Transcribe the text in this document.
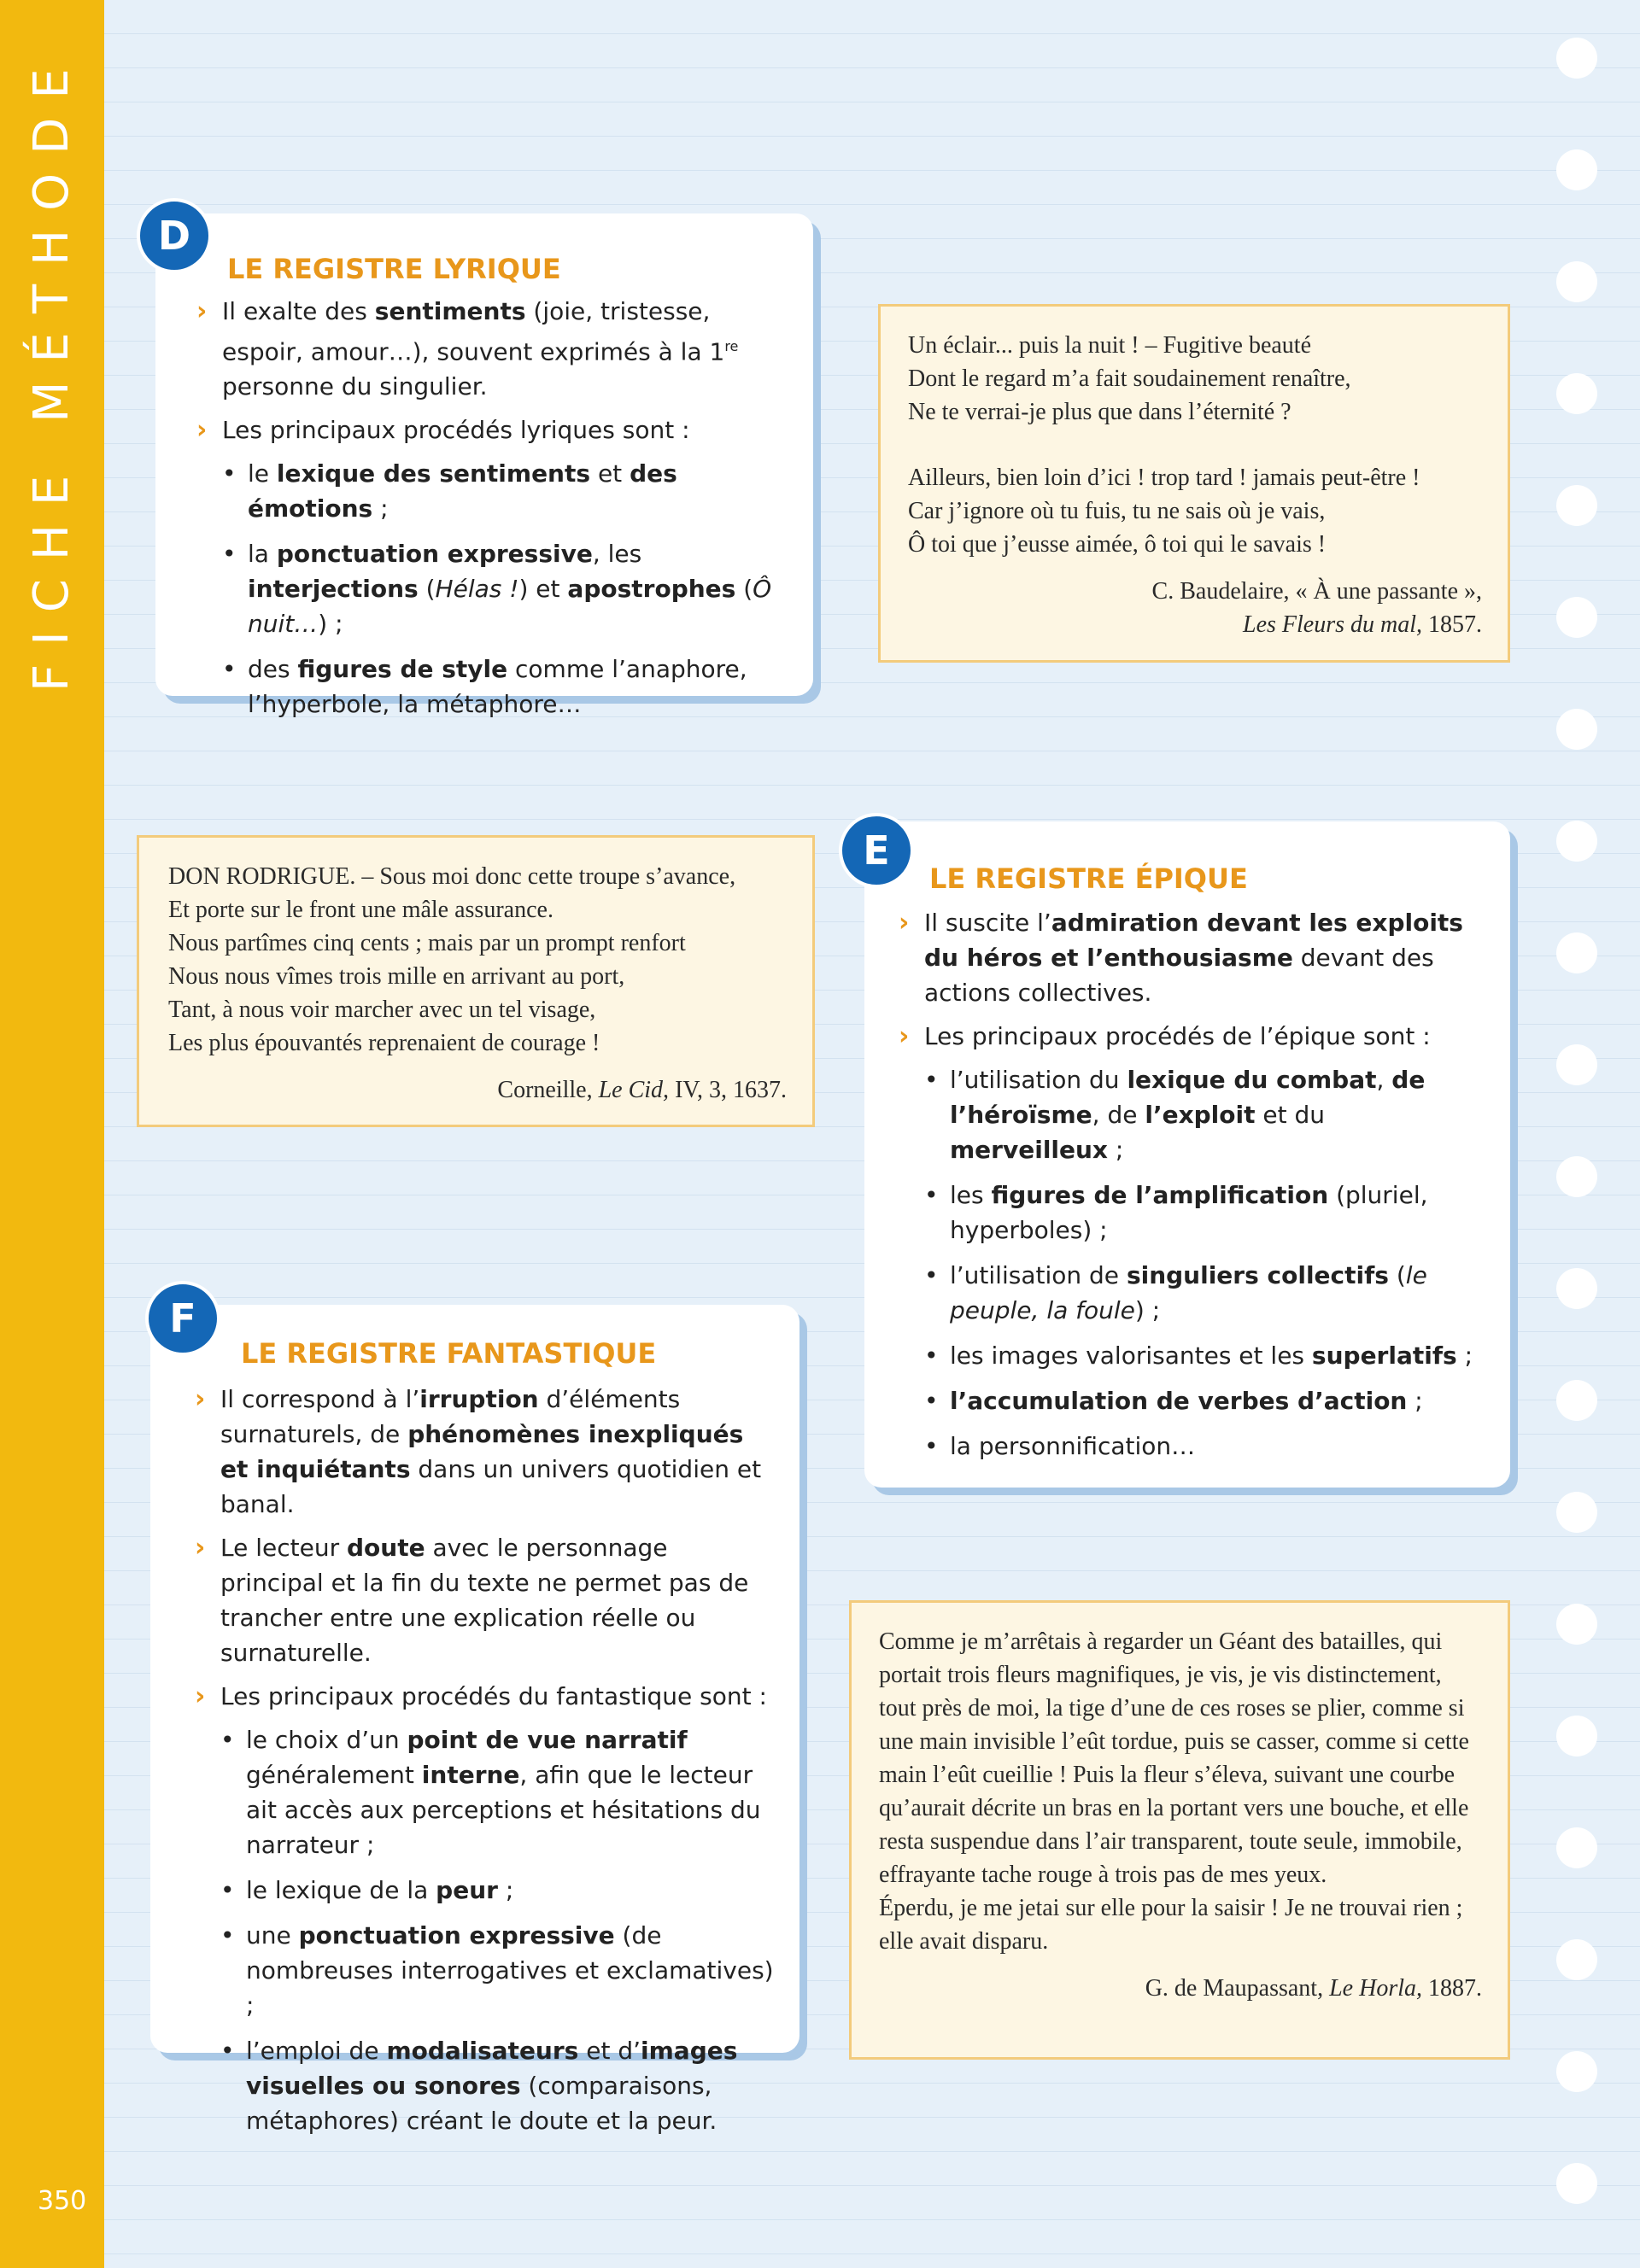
FICHE MÉTHODE
350
LE REGISTRE LYRIQUE
› Il exalte des sentiments (joie, tristesse, espoir, amour…), souvent exprimés à la 1re personne du singulier.
› Les principaux procédés lyriques sont :
• le lexique des sentiments et des émotions ;
• la ponctuation expressive, les interjections (Hélas !) et apostrophes (Ô nuit…) ;
• des figures de style comme l’anaphore, l’hyperbole, la métaphore…
D
Un éclair... puis la nuit ! – Fugitive beauté
Dont le regard m’a fait soudainement renaître,
Ne te verrai-je plus que dans l’éternité ?
Ailleurs, bien loin d’ici ! trop tard ! jamais peut-être !
Car j’ignore où tu fuis, tu ne sais où je vais,
Ô toi que j’eusse aimée, ô toi qui le savais !
C. Baudelaire, « À une passante »,
Les Fleurs du mal, 1857.
DON RODRIGUE. – Sous moi donc cette troupe s’avance,
Et porte sur le front une mâle assurance.
Nous partîmes cinq cents ; mais par un prompt renfort
Nous nous vîmes trois mille en arrivant au port,
Tant, à nous voir marcher avec un tel visage,
Les plus épouvantés reprenaient de courage !
Corneille, Le Cid, IV, 3, 1637.
LE REGISTRE ÉPIQUE
› Il suscite l’admiration devant les exploits du héros et l’enthousiasme devant des actions collectives.
› Les principaux procédés de l’épique sont :
• l’utilisation du lexique du combat, de l’héroïsme, de l’exploit et du merveilleux ;
• les figures de l’amplification (pluriel, hyperboles) ;
• l’utilisation de singuliers collectifs (le peuple, la foule) ;
• les images valorisantes et les superlatifs ;
• l’accumulation de verbes d’action ;
• la personnification…
E
LE REGISTRE FANTASTIQUE
› Il correspond à l’irruption d’éléments surnaturels, de phénomènes inexpliqués et inquiétants dans un univers quotidien et banal.
› Le lecteur doute avec le personnage principal et la fin du texte ne permet pas de trancher entre une explication réelle ou surnaturelle.
› Les principaux procédés du fantastique sont :
• le choix d’un point de vue narratif généralement interne, afin que le lecteur ait accès aux perceptions et hésitations du narrateur ;
• le lexique de la peur ;
• une ponctuation expressive (de nombreuses interrogatives et exclamatives) ;
• l’emploi de modalisateurs et d’images visuelles ou sonores (comparaisons, métaphores) créant le doute et la peur.
F

Comme je m’arrêtais à regarder un Géant des batailles, qui portait trois fleurs magnifiques, je vis, je vis distinctement, tout près de moi, la tige d’une de ces roses se plier, comme si une main invisible l’eût tordue, puis se casser, comme si cette main l’eût cueillie ! Puis la fleur s’éleva, suivant une courbe qu’aurait décrite un bras en la portant vers une bouche, et elle resta suspendue dans l’air transparent, toute seule, immobile, effrayante tache rouge à trois pas de mes yeux.

Éperdu, je me jetai sur elle pour la saisir ! Je ne trouvai rien ; elle avait disparu.

G. de Maupassant, Le Horla, 1887.
